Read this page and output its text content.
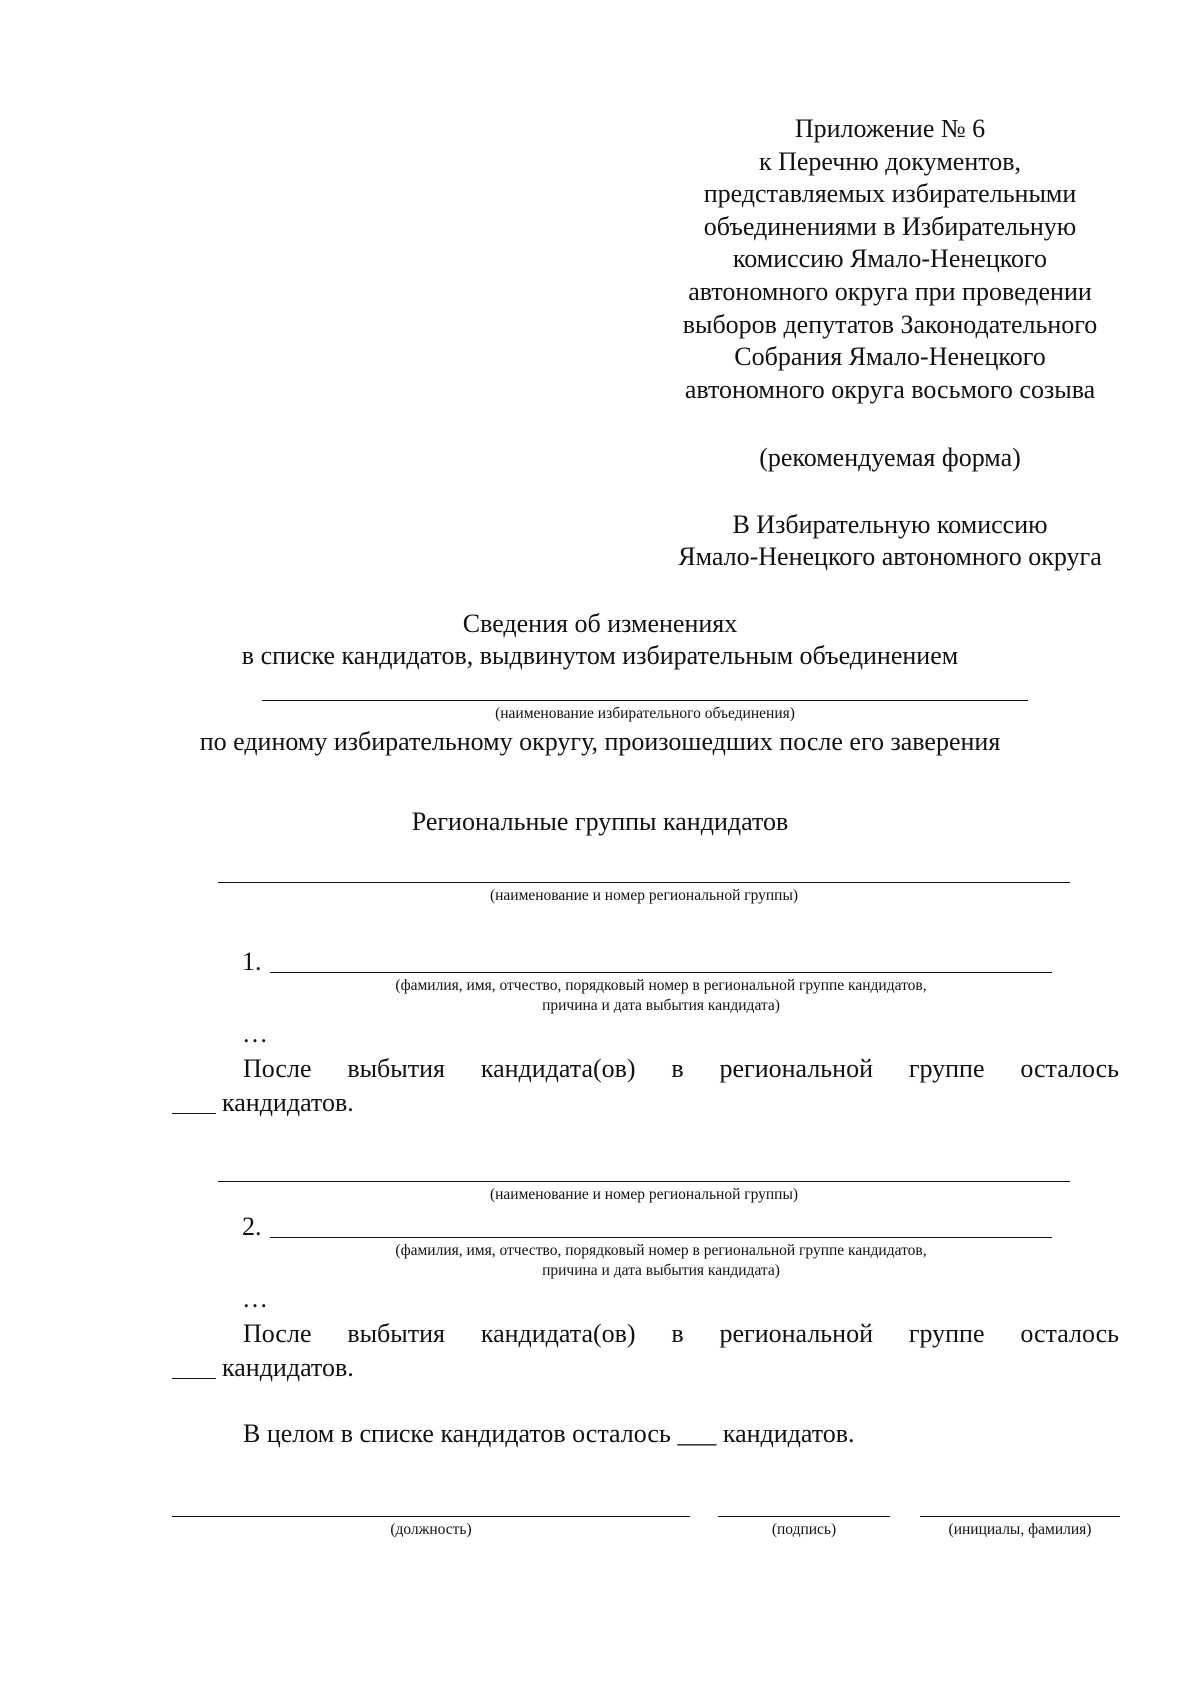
Приложение № 6
к Перечню документов,
представляемых избирательными
объединениями в Избирательную
комиссию Ямало-Ненецкого
автономного округа при проведении
выборов депутатов Законодательного
Собрания Ямало-Ненецкого
автономного округа восьмого созыва
(рекомендуемая форма)
В Избирательную комиссию
Ямало-Ненецкого автономного округа
Сведения об изменениях
в списке кандидатов, выдвинутом избирательным объединением
(наименование избирательного объединения)
по единому избирательному округу, произошедших после его заверения
Региональные группы кандидатов
(наименование и номер региональной группы)
1.
(фамилия, имя, отчество, порядковый номер в региональной группе кандидатов,
причина и дата выбытия кандидата)
…
После выбытия кандидата(ов) в региональной группе осталось
кандидатов.
(наименование и номер региональной группы)
2.
(фамилия, имя, отчество, порядковый номер в региональной группе кандидатов,
причина и дата выбытия кандидата)
…
После выбытия кандидата(ов) в региональной группе осталось
кандидатов.
В целом в списке кандидатов осталось ___ кандидатов.
(должность)	(подпись)	(инициалы, фамилия)
